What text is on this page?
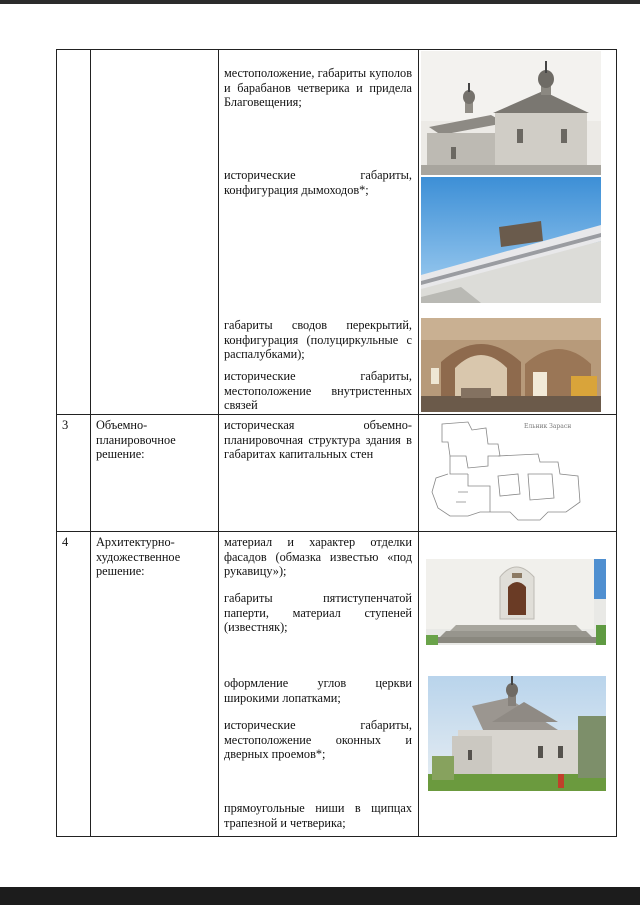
местоположение, габариты куполов и барабанов четверика и придела Благовещения;
исторические габариты, конфигурация дымоходов*;
габариты сводов перекрытий, конфигурация (полуциркульные с распалубками);
исторические габариты, местоположение внутристенных связей
3 Объемно-планировочное решение:
историческая объемно-планировочная структура здания в габаритах капитальных стен
Ельник Зарасн
4 Архитектурно-художественное решение:
материал и характер отделки фасадов (обмазка известью «под рукавицу»);
габариты пятиступенчатой паперти, материал ступеней (известняк);
оформление углов церкви широкими лопатками;
исторические габариты, местоположение оконных и дверных проемов*;
прямоугольные ниши в щипцах трапезной и четверика;
